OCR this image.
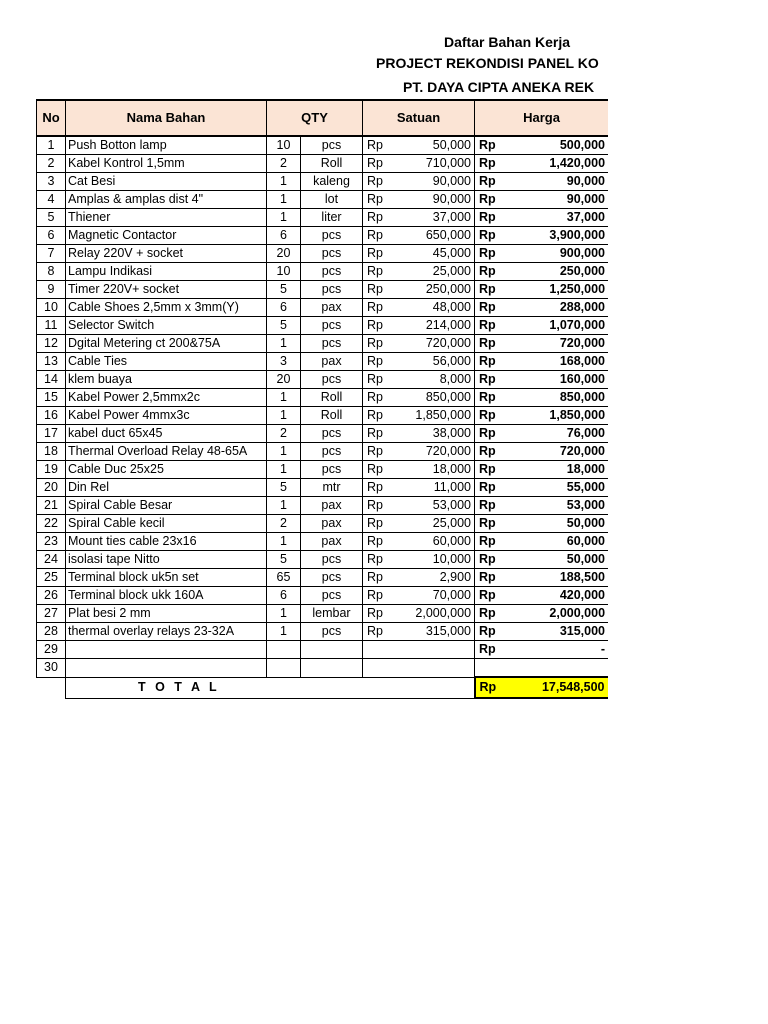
Daftar Bahan Kerja
PROJECT REKONDISI PANEL KO
PT. DAYA CIPTA ANEKA REK
No	Nama Bahan	QTY		Satuan	Harga
1	Push Botton lamp	10	pcs	Rp 50,000	Rp 500,000

2	Kabel Kontrol 1,5mm	2	Roll	Rp 710,000	Rp 1,420,000

3	Cat Besi	1	kaleng	Rp 90,000	Rp 90,000

4	Amplas & amplas dist 4"	1	lot	Rp 90,000	Rp 90,000

5	Thiener	1	liter	Rp 37,000	Rp 37,000

6	Magnetic Contactor	6	pcs	Rp 650,000	Rp 3,900,000

7	Relay 220V + socket	20	pcs	Rp 45,000	Rp 900,000

8	Lampu Indikasi	10	pcs	Rp 25,000	Rp 250,000

9	Timer 220V+ socket	5	pcs	Rp 250,000	Rp 1,250,000

10	Cable Shoes 2,5mm x 3mm(Y)	6	pax	Rp 48,000	Rp 288,000

11	Selector Switch	5	pcs	Rp 214,000	Rp 1,070,000

12	Dgital Metering ct 200&75A	1	pcs	Rp 720,000	Rp 720,000

13	Cable Ties	3	pax	Rp 56,000	Rp 168,000

14	klem buaya	20	pcs	Rp 8,000	Rp 160,000

15	Kabel Power 2,5mmx2c	1	Roll	Rp 850,000	Rp 850,000

16	Kabel Power 4mmx3c	1	Roll	Rp 1,850,000	Rp 1,850,000

17	kabel duct 65x45	2	pcs	Rp 38,000	Rp 76,000

18	Thermal Overload Relay 48-65A	1	pcs	Rp 720,000	Rp 720,000

19	Cable Duc 25x25	1	pcs	Rp 18,000	Rp 18,000

20	Din Rel	5	mtr	Rp 11,000	Rp 55,000

21	Spiral Cable Besar	1	pax	Rp 53,000	Rp 53,000

22	Spiral Cable kecil	2	pax	Rp 25,000	Rp 50,000

23	Mount ties cable 23x16	1	pax	Rp 60,000	Rp 60,000

24	isolasi tape Nitto	5	pcs	Rp 10,000	Rp 50,000

25	Terminal block uk5n set	65	pcs	Rp 2,900	Rp 188,500

26	Terminal block ukk 160A	6	pcs	Rp 70,000	Rp 420,000

27	Plat besi 2 mm	1	lembar	Rp 2,000,000	Rp 2,000,000

28	thermal overlay relays 23-32A	1	pcs	Rp 315,000	Rp 315,000

29					Rp -

30					
	T O T A L				Rp 17,548,500
